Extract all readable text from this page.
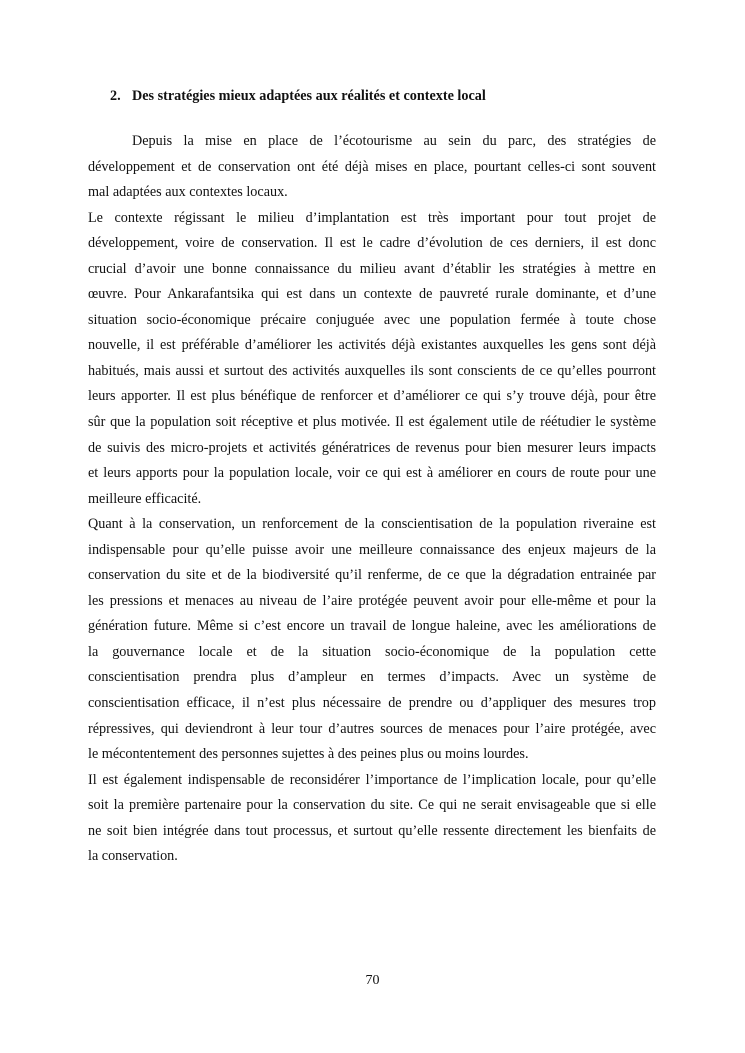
2. Des stratégies mieux adaptées aux réalités et contexte local
Depuis la mise en place de l’écotourisme au sein du parc, des stratégies de
développement et de conservation ont été déjà mises en place, pourtant celles-ci sont souvent
mal adaptées aux contextes locaux.
Le contexte régissant le milieu d’implantation est très important pour tout projet de
développement, voire de conservation. Il est le cadre d’évolution de ces derniers, il est donc
crucial d’avoir une bonne connaissance du milieu avant d’établir les stratégies à mettre en
œuvre. Pour Ankarafantsika qui est dans un contexte de pauvreté rurale dominante, et d’une
situation socio-économique précaire conjuguée avec une population fermée à toute chose
nouvelle, il est préférable d’améliorer les activités déjà existantes auxquelles les gens sont déjà
habitués, mais aussi et surtout des activités auxquelles ils sont conscients de ce qu’elles pourront
leurs apporter. Il est plus bénéfique de renforcer et d’améliorer ce qui s’y trouve déjà, pour être
sûr que la population soit réceptive et plus motivée. Il est également utile de réétudier le système
de suivis des micro-projets et activités génératrices de revenus pour bien mesurer leurs impacts
et leurs apports pour la population locale, voir ce qui est à améliorer en cours de route pour une
meilleure efficacité.
Quant à la conservation, un renforcement de la conscientisation de la population riveraine est
indispensable pour qu’elle puisse avoir une meilleure connaissance des enjeux majeurs de la
conservation du site et de la biodiversité qu’il renferme, de ce que la dégradation entrainée par
les pressions et menaces au niveau de l’aire protégée peuvent avoir pour elle-même et pour la
génération future. Même si c’est encore un travail de longue haleine, avec les améliorations de
la gouvernance locale et de la situation socio-économique de la population cette
conscientisation prendra plus d’ampleur en termes d’impacts. Avec un système de
conscientisation efficace, il n’est plus nécessaire de prendre ou d’appliquer des mesures trop
répressives, qui deviendront à leur tour d’autres sources de menaces pour l’aire protégée, avec
le mécontentement des personnes sujettes à des peines plus ou moins lourdes.
Il est également indispensable de reconsidérer l’importance de l’implication locale, pour qu’elle
soit la première partenaire pour la conservation du site. Ce qui ne serait envisageable que si elle
ne soit bien intégrée dans tout processus, et surtout qu’elle ressente directement les bienfaits de
la conservation.
70
